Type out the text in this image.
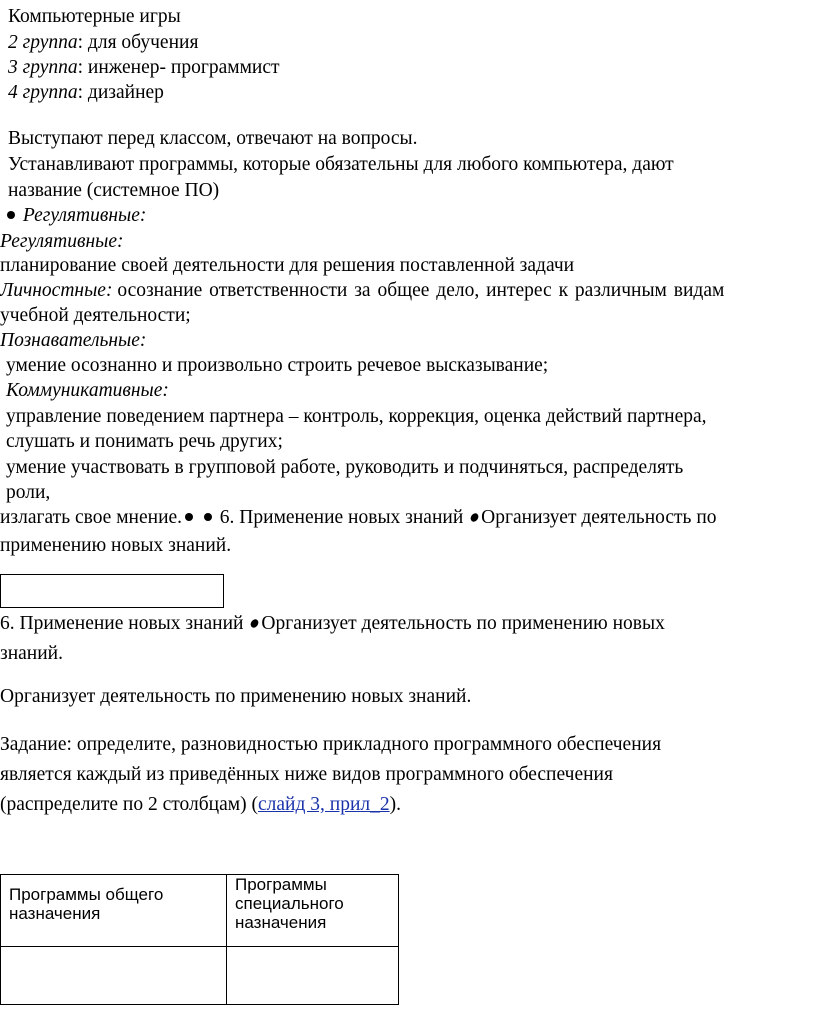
Компьютерные игры
2 группа: для обучения
3 группа: инженер- программист
4 группа: дизайнер
Выступают перед классом, отвечают на вопросы.
Устанавливают программы, которые обязательны для любого компьютера, дают
название (системное ПО)
Регулятивные:
Регулятивные:
планирование своей деятельности для решения поставленной задачи
Личностные: осознание ответственности за общее дело, интерес к различным видам
учебной деятельности;
Познавательные:
умение осознанно и произвольно строить речевое высказывание;
Коммуникативные:
управление поведением партнера – контроль, коррекция, оценка действий партнера,
слушать и понимать речь других;
умение участвовать в групповой работе, руководить и подчиняться, распределять
роли,
излагать свое мнение. 6. Применение новых знаний Организует деятельность по
применению новых знаний.
6. Применение новых знаний Организует деятельность по применению новых
знаний.
Организует деятельность по применению новых знаний.
Задание: определите, разновидностью прикладного программного обеспечения
является каждый из приведённых ниже видов программного обеспечения
(распределите по 2 столбцам) (слайд 3, прил_2).
Программы общего назначения	Программы специального назначения
